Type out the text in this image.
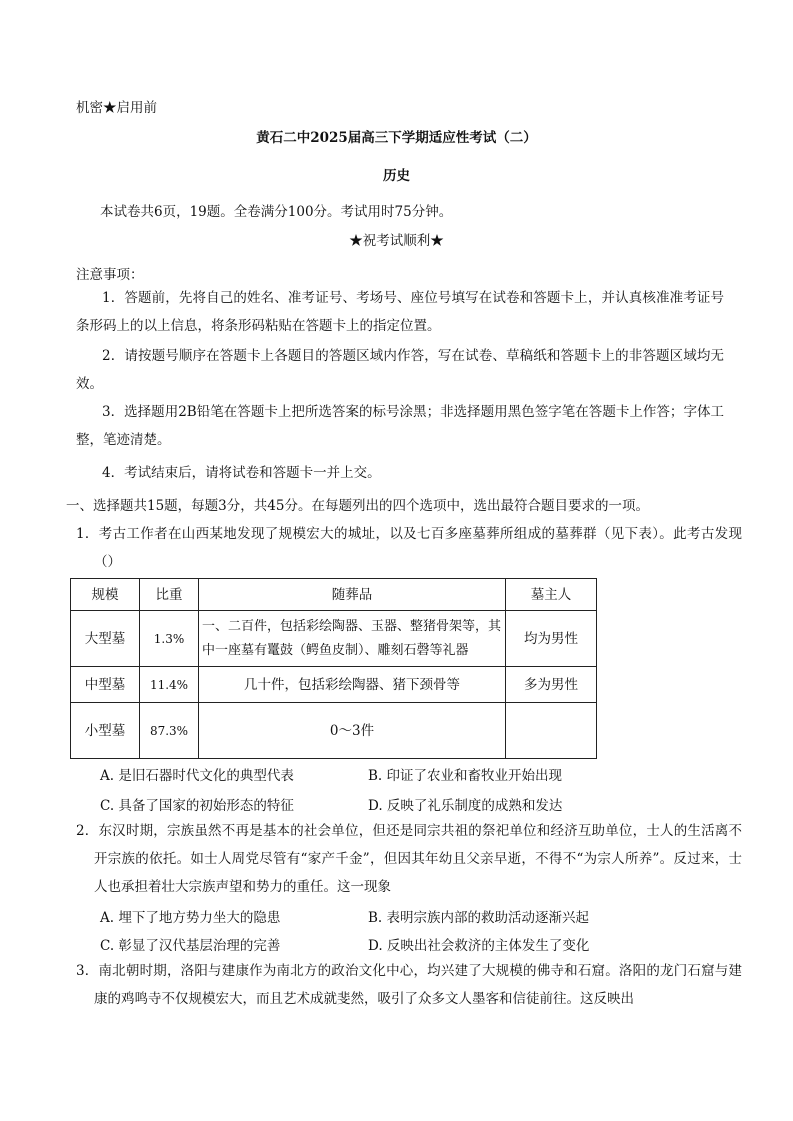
机密★启用前
黄石二中2025届高三下学期适应性考试（二）
历史
本试卷共6页，19题。全卷满分100分。考试用时75分钟。
★祝考试顺利★
注意事项：
1．答题前，先将自己的姓名、准考证号、考场号、座位号填写在试卷和答题卡上，并认真核准准考证号条形码上的以上信息，将条形码粘贴在答题卡上的指定位置。
2．请按题号顺序在答题卡上各题目的答题区域内作答，写在试卷、草稿纸和答题卡上的非答题区域均无效。
3．选择题用2B铅笔在答题卡上把所选答案的标号涂黑；非选择题用黑色签字笔在答题卡上作答；字体工整，笔迹清楚。
4．考试结束后，请将试卷和答题卡一并上交。
一、选择题共15题，每题3分，共45分。在每题列出的四个选项中，选出最符合题目要求的一项。
1．考古工作者在山西某地发现了规模宏大的城址，以及七百多座墓葬所组成的墓葬群（见下表）。此考古发现（）
规模	比重	随葬品	墓主人
大型墓	1.3%	一、二百件，包括彩绘陶器、玉器、整猪骨架等，其中一座墓有鼍鼓（鳄鱼皮制）、雕刻石磬等礼器	均为男性
中型墓	11.4%	几十件，包括彩绘陶器、猪下颈骨等	多为男性
小型墓	87.3%	0～3件	
A. 是旧石器时代文化的典型代表	B. 印证了农业和畜牧业开始出现
C. 具备了国家的初始形态的特征	D. 反映了礼乐制度的成熟和发达
2．东汉时期，宗族虽然不再是基本的社会单位，但还是同宗共祖的祭祀单位和经济互助单位，士人的生活离不开宗族的依托。如士人周党尽管有“家产千金”，但因其年幼且父亲早逝，不得不“为宗人所养”。反过来，士人也承担着壮大宗族声望和势力的重任。这一现象
A. 埋下了地方势力坐大的隐患	B. 表明宗族内部的救助活动逐渐兴起
C. 彰显了汉代基层治理的完善	D. 反映出社会救济的主体发生了变化
3．南北朝时期，洛阳与建康作为南北方的政治文化中心，均兴建了大规模的佛寺和石窟。洛阳的龙门石窟与建康的鸡鸣寺不仅规模宏大，而且艺术成就斐然，吸引了众多文人墨客和信徒前往。这反映出
